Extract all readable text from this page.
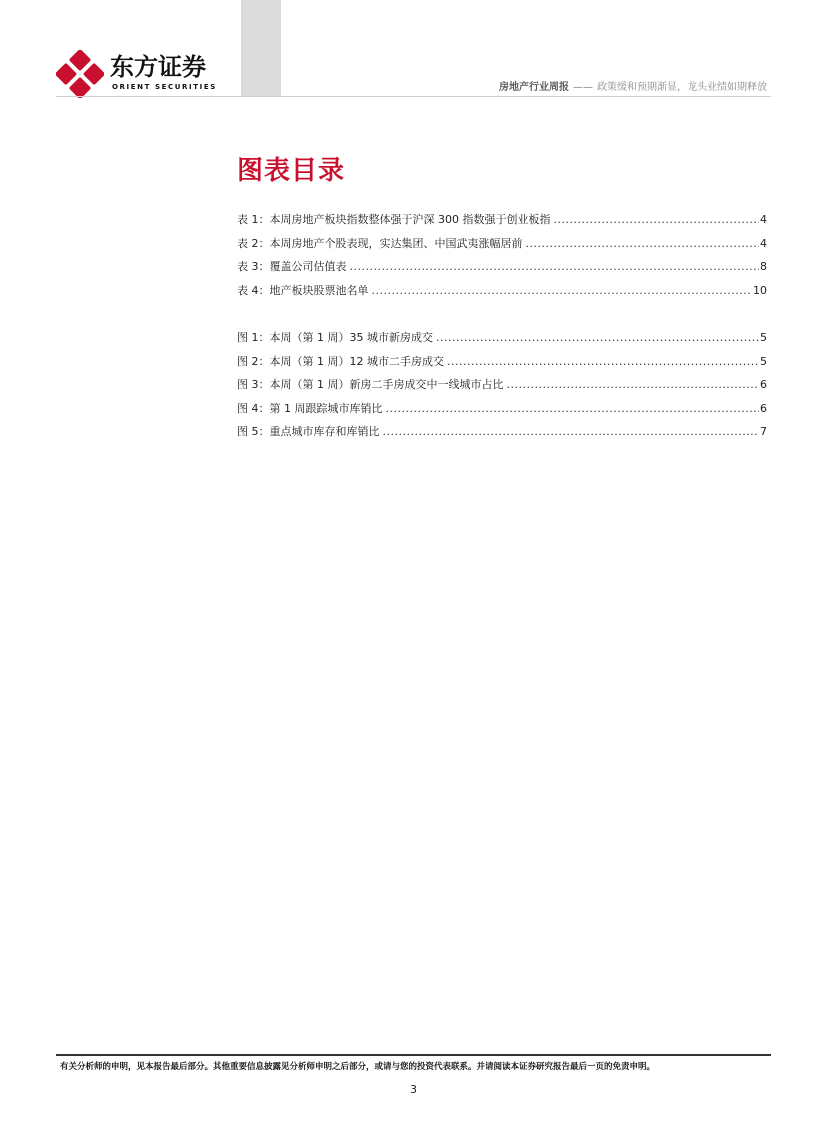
东方证券
ORIENT SECURITIES	房地产行业周报 —— 政策缓和预期渐显，龙头业绩如期释放
图表目录
表 1：本周房地产板块指数整体强于沪深 300 指数强于创业板指 .....	4
表 2：本周房地产个股表现，实达集团、中国武夷涨幅居前 .....	4
表 3：覆盖公司估值表 .....	8
表 4：地产板块股票池名单 .....	10
图 1：本周（第 1 周）35 城市新房成交 .....	5
图 2：本周（第 1 周）12 城市二手房成交 .....	5
图 3：本周（第 1 周）新房二手房成交中一线城市占比 .....	6
图 4：第 1 周跟踪城市库销比 .....	6
图 5：重点城市库存和库销比 .....	7
有关分析师的申明，见本报告最后部分。其他重要信息披露见分析师申明之后部分，或请与您的投资代表联系。并请阅读本证券研究报告最后一页的免责申明。
3
